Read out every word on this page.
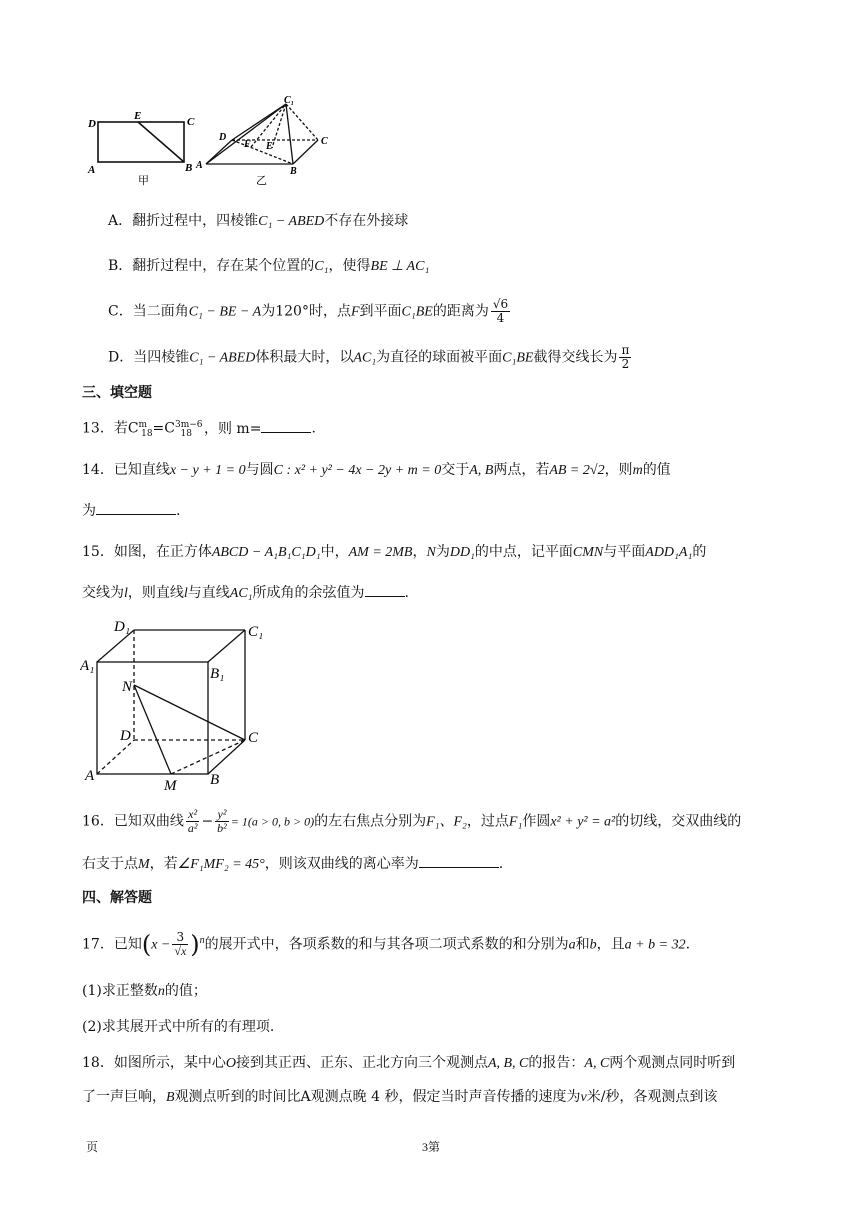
D
E	C
A	B
甲
C₁
D
F E	C
A
B
乙
A．翻折过程中，四棱锥C₁ − ABED不存在外接球
B．翻折过程中，存在某个位置的C₁，使得BE ⊥ AC₁
C．当二面角C₁ − BE − A为120°时，点F到平面C₁BE的距离为 $\frac{√6}{4}$
D．当四棱锥C₁ − ABED体积最大时，以AC₁为直径的球面被平面C₁BE截得交线长为 $\frac{\pi}{2}$
三、填空题
13．若$C^m_{18}=C^{3m-6}_{18}$ ，则 m=	.
14．已知直线x − y + 1 = 0与圆C : x² + y² − 4x − 2y + m = 0交于A, B两点，若AB = 2√2，则m的值
为	.
15．如图，在正方体ABCD − A₁B₁C₁D₁中，AM = 2MB，N为DD₁的中点，记平面CMN与平面ADD₁A₁的
交线为l，则直线l与直线AC₁所成角的余弦值为	.
D₁	C₁
A₁	B₁
N
D	C
A	B
M
16．已知双曲线 $\frac{\text{x²}}{\text{a²}} - \frac{\text{y²}}{\text{b²}} = 1(a > 0$, b > 0)的左右焦点分别为F₁、F₂，过点F₁作圆x² + y² = a²的切线，交双曲线的
右支于点M，若∠F₁MF₂ = 45°，则该双曲线的离心率为	.
四、解答题
17．已知$(x - \frac{3}{√x} )^n$的展开式中，各项系数的和与其各项二项式系数的和分别为a和b，且a + b = 32.
(1)求正整数n的值；
(2)求其展开式中所有的有理项.
18．如图所示，某中心O接到其正西、正东、正北方向三个观测点A, B, C的报告：A, C两个观测点同时听到
了一声巨响，B观测点听到的时间比A观测点晚 4 秒，假定当时声音传播的速度为v米/秒，各观测点到该
页	3第
